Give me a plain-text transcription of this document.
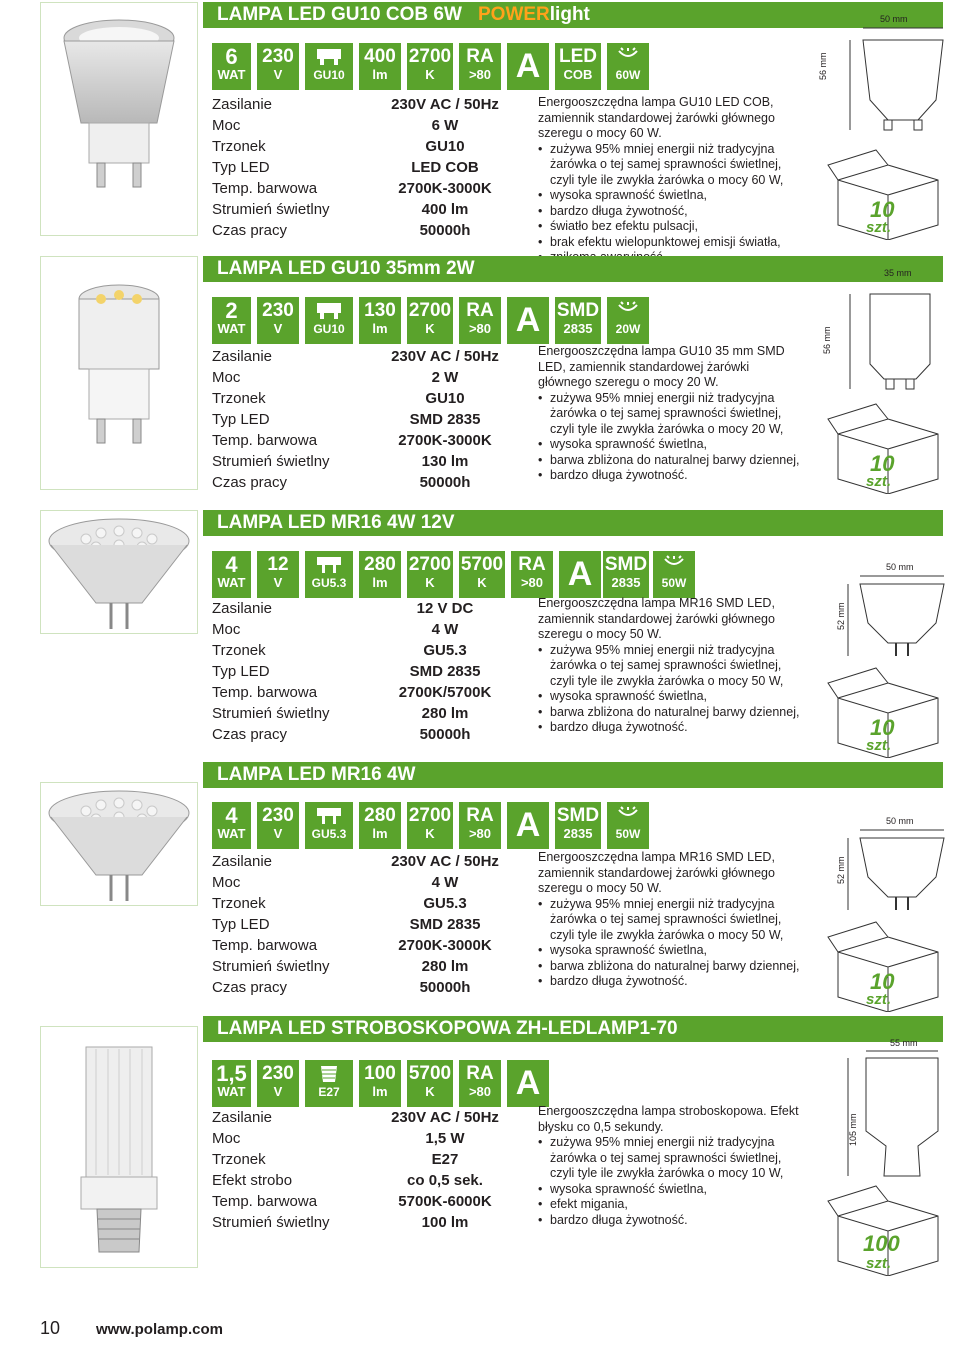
LAMPA LED GU10 COB 6W POWERlight
6
WAT
230
V	GU10
400
lm
2700
K
RA
>80 A LED
COB	60W
Zasilanie	230V AC / 50Hz
Moc	6 W
Trzonek	GU10
Typ LED	LED COB
Temp. barwowa	2700K-3000K
Strumień świetlny	400 lm
Czas pracy	50000h

Energooszczędna lampa GU10 LED COB, zamiennik standardowej żarówki głównego szeregu o mocy 60 W.

• zużywa 95% mniej energii niż tradycyjna żarówka o tej samej sprawności świetlnej, czyli tyle ile zwykła żarówka o mocy 60 W,
• wysoka sprawność świetlna,
• bardzo długa żywotność,
• światło bez efektu pulsacji,
• brak efektu wielopunktowej emisji światła,
•
50 mm
10
szt.
56 mm
LAMPA LED GU10 35mm 2W
2
WAT
230
V	GU10
130
lm
2700
K
RA
>80 A SMD
2835	20W
Zasilanie	230V AC / 50Hz
Moc	2 W
Trzonek	GU10
Typ LED	SMD 2835
Temp. barwowa	2700K-3000K
Strumień świetlny	130 lm
Czas pracy	50000h

Energooszczędna lampa GU10 35 mm SMD LED, zamiennik standardowej żarówki głównego szeregu o mocy 20 W.

• zużywa 95% mniej energii niż tradycyjna żarówka o tej samej sprawności świetlnej, czyli tyle ile zwykła żarówka o mocy 20 W,
• wysoka sprawność świetlna,
• barwa zbliżona do naturalnej barwy dziennej,
• bardzo długa żywotność.
35 mm
10
szt.
56 mm
LAMPA LED MR16 4W 12V
4
WAT
12
V	GU5.3
280
lm
2700
K
5700
K
RA
>80 A SMD
2835	50W
Zasilanie	12 V DC
Moc	4 W
Trzonek	GU5.3
Typ LED	SMD 2835
Temp. barwowa	2700K/5700K
Strumień świetlny	280 lm
Czas pracy	50000h

Energooszczędna lampa MR16 SMD LED, zamiennik standardowej żarówki głównego szeregu o mocy 50 W.

• zużywa 95% mniej energii niż tradycyjna żarówka o tej samej sprawności świetlnej, czyli tyle ile zwykła żarówka o mocy 50 W,
• wysoka sprawność świetlna,
• barwa zbliżona do naturalnej barwy dziennej,
• bardzo długa żywotność.
50 mm
10
szt.
52 mm
LAMPA LED MR16 4W
4
WAT
230
V	GU5.3
280
lm
2700
K
RA
>80 A SMD
2835	50W
Zasilanie	230V AC / 50Hz
Moc	4 W
Trzonek	GU5.3
Typ LED	SMD 2835
Temp. barwowa	2700K-3000K
Strumień świetlny	280 lm
Czas pracy	50000h

Energooszczędna lampa MR16 SMD LED, zamiennik standardowej żarówki głównego szeregu o mocy 50 W.

• zużywa 95% mniej energii niż tradycyjna żarówka o tej samej sprawności świetlnej, czyli tyle ile zwykła żarówka o mocy 50 W,
• wysoka sprawność świetlna,
• barwa zbliżona do naturalnej barwy dziennej,
• bardzo długa żywotność.
50 mm
10
szt.
52 mm
LAMPA LED STROBOSKOPOWA ZH-LEDLAMP1-70
1,5
WAT
230
V	E27
100
lm
5700
K
RA
>80 A
Zasilanie	230V AC / 50Hz
Moc	1,5 W
Trzonek	E27
Efekt strobo	co 0,5 sek.
Temp. barwowa	5700K-6000K
Strumień świetlny	100 lm

Energooszczędna lampa stroboskopowa. Efekt błysku co 0,5 sekundy.

• zużywa 95% mniej energii niż tradycyjna żarówka o tej samej sprawności świetlnej, czyli tyle ile zwykła żarówka o mocy 10 W,
• wysoka sprawność świetlna,
• efekt migania,
• bardzo długa żywotność.
55 mm
100
szt.
105 mm
10 www.polamp.com
